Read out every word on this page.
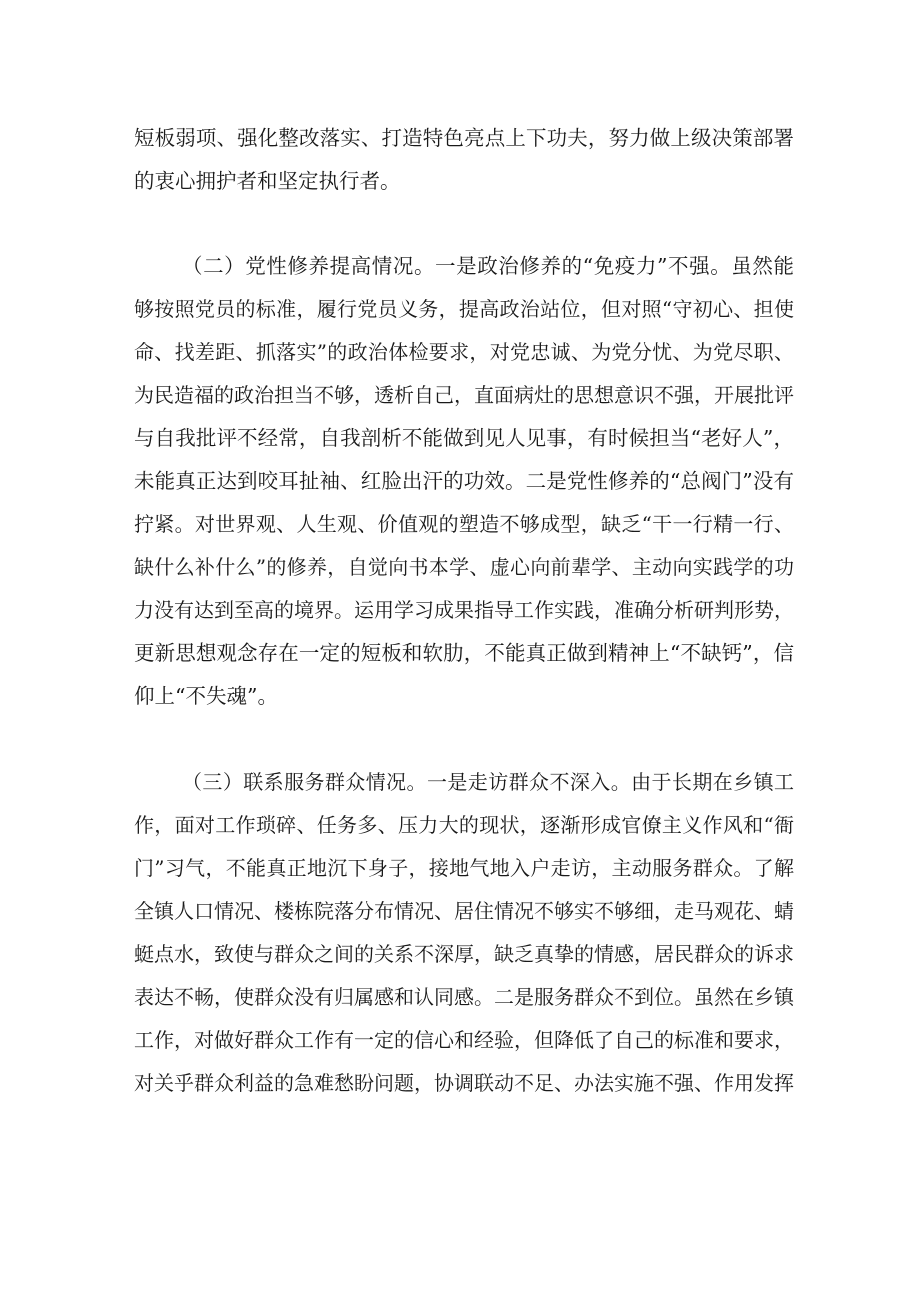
短板弱项、强化整改落实、打造特色亮点上下功夫，努力做上级决策部署
的衷心拥护者和坚定执行者。
（二）党性修养提高情况。一是政治修养的“免疫力”不强。虽然能
够按照党员的标准，履行党员义务，提高政治站位，但对照“守初心、担使
命、找差距、抓落实”的政治体检要求，对党忠诚、为党分忧、为党尽职、
为民造福的政治担当不够，透析自己，直面病灶的思想意识不强，开展批评
与自我批评不经常，自我剖析不能做到见人见事，有时候担当“老好人”，
未能真正达到咬耳扯袖、红脸出汗的功效。二是党性修养的“总阀门”没有
拧紧。对世界观、人生观、价值观的塑造不够成型，缺乏“干一行精一行、
缺什么补什么”的修养，自觉向书本学、虚心向前辈学、主动向实践学的功
力没有达到至高的境界。运用学习成果指导工作实践，准确分析研判形势，
更新思想观念存在一定的短板和软肋，不能真正做到精神上“不缺钙”，信
仰上“不失魂”。
（三）联系服务群众情况。一是走访群众不深入。由于长期在乡镇工
作，面对工作琐碎、任务多、压力大的现状，逐渐形成官僚主义作风和“衙
门”习气，不能真正地沉下身子，接地气地入户走访，主动服务群众。了解
全镇人口情况、楼栋院落分布情况、居住情况不够实不够细，走马观花、蜻
蜓点水，致使与群众之间的关系不深厚，缺乏真挚的情感，居民群众的诉求
表达不畅，使群众没有归属感和认同感。二是服务群众不到位。虽然在乡镇
工作，对做好群众工作有一定的信心和经验，但降低了自己的标准和要求，
对关乎群众利益的急难愁盼问题，协调联动不足、办法实施不强、作用发挥
